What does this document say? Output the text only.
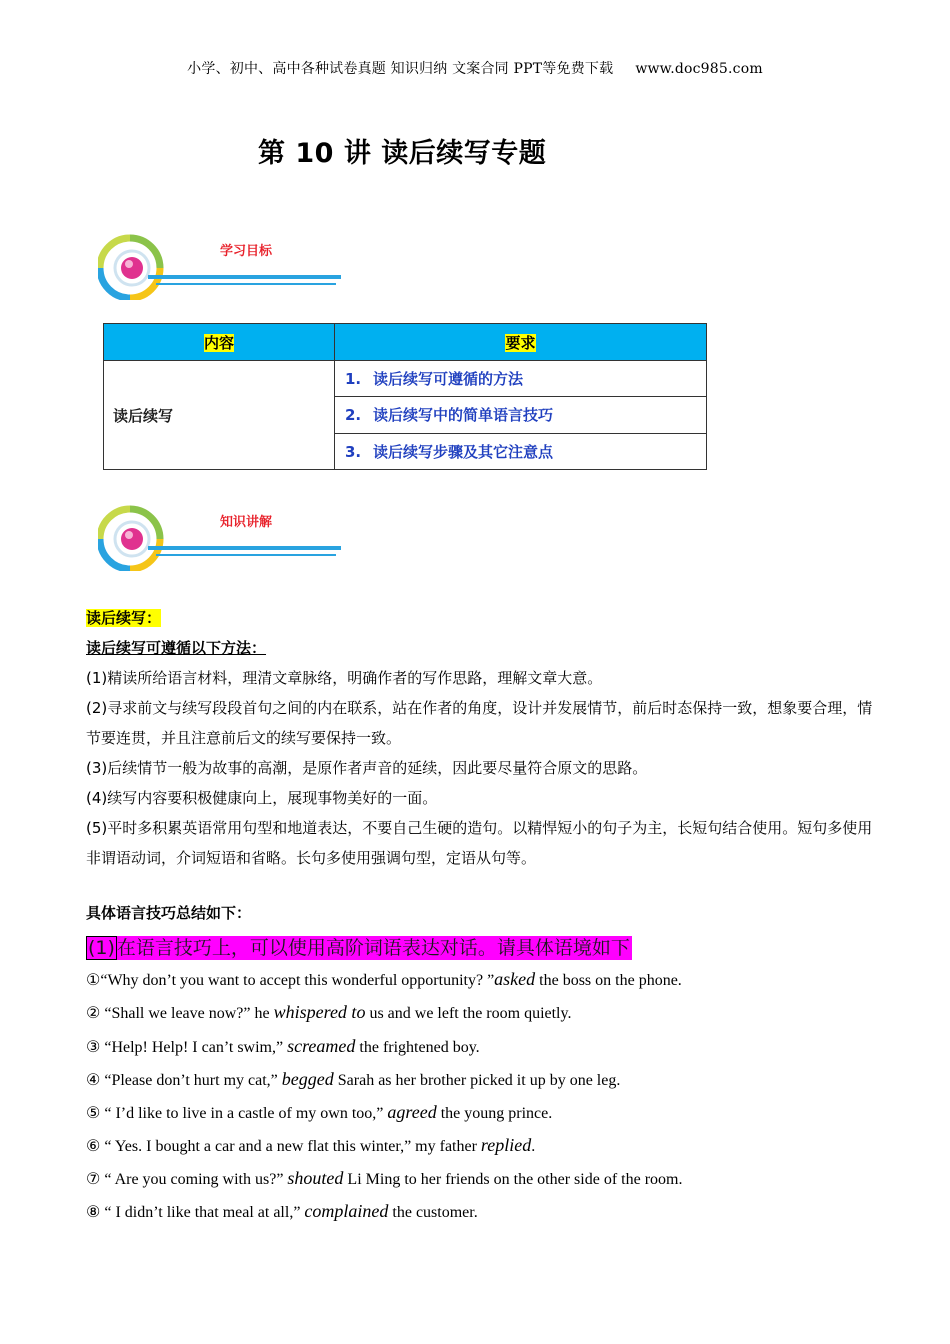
小学、初中、高中各种试卷真题 知识归纳 文案合同 PPT等免费下载 www.doc985.com
第 10 讲 读后续写专题
学习目标
内容	要求
读后续写	1. 读后续写可遵循的方法
	2. 读后续写中的简单语言技巧
	3. 读后续写步骤及其它注意点
知识讲解

读后续写：

读后续写可遵循以下方法：

(1)精读所给语言材料，理清文章脉络，明确作者的写作思路，理解文章大意。

(2)寻求前文与续写段段首句之间的内在联系，站在作者的角度，设计并发展情节，前后时态保持一致，想象要合理，情节要连贯，并且注意前后文的续写要保持一致。

(3)后续情节一般为故事的高潮，是原作者声音的延续，因此要尽量符合原文的思路。

(4)续写内容要积极健康向上，展现事物美好的一面。

(5)平时多积累英语常用句型和地道表达，不要自己生硬的造句。以精悍短小的句子为主，长短句结合使用。短句多使用非谓语动词，介词短语和省略。长句多使用强调句型，定语从句等。

具体语言技巧总结如下：
(1) 在语言技巧上，可以使用高阶词语表达对话。请具体语境如下
①“Why don’t you want to accept this wonderful opportunity? ”asked the boss on the phone.
② “Shall we leave now?” he whispered to us and we left the room quietly.
③ “Help! Help! I can’t swim,” screamed the frightened boy.
④ “Please don’t hurt my cat,” begged Sarah as her brother picked it up by one leg.
⑤ “ I’d like to live in a castle of my own too,” agreed the young prince.
⑥ “ Yes. I bought a car and a new flat this winter,” my father replied.
⑦ “ Are you coming with us?” shouted Li Ming to her friends on the other side of the room.
⑧ “ I didn’t like that meal at all,” complained the customer.
